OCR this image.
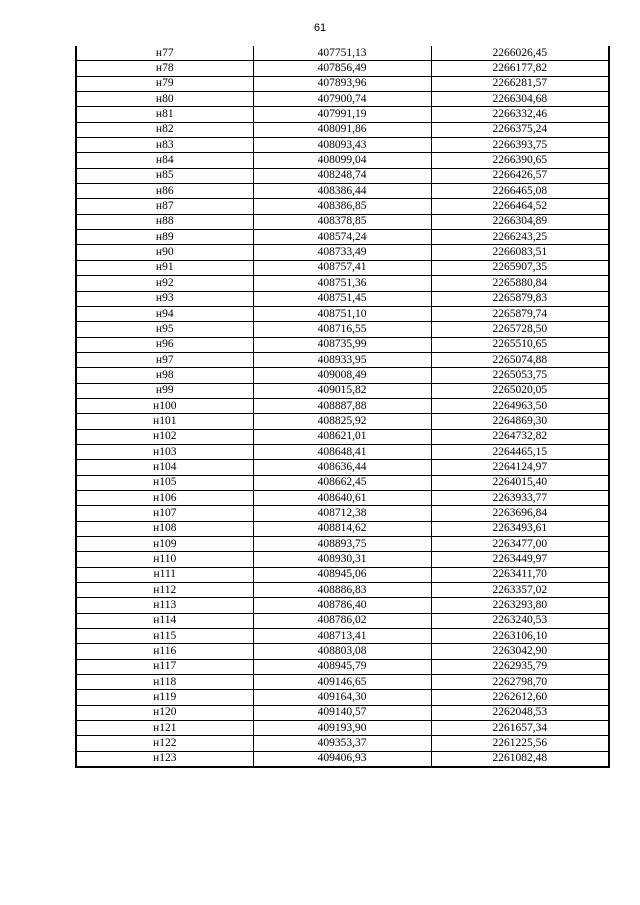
61
н77	407751,13	2266026,45
н78	407856,49	2266177,82
н79	407893,96	2266281,57
н80	407900,74	2266304,68
н81	407991,19	2266332,46
н82	408091,86	2266375,24
н83	408093,43	2266393,75
н84	408099,04	2266390,65
н85	408248,74	2266426,57
н86	408386,44	2266465,08
н87	408386,85	2266464,52
н88	408378,85	2266304,89
н89	408574,24	2266243,25
н90	408733,49	2266083,51
н91	408757,41	2265907,35
н92	408751,36	2265880,84
н93	408751,45	2265879,83
н94	408751,10	2265879,74
н95	408716,55	2265728,50
н96	408735,99	2265510,65
н97	408933,95	2265074,88
н98	409008,49	2265053,75
н99	409015,82	2265020,05
н100	408887,88	2264963,50
н101	408825,92	2264869,30
н102	408621,01	2264732,82
н103	408648,41	2264465,15
н104	408636,44	2264124,97
н105	408662,45	2264015,40
н106	408640,61	2263933,77
н107	408712,38	2263696,84
н108	408814,62	2263493,61
н109	408893,75	2263477,00
н110	408930,31	2263449,97
н111	408945,06	2263411,70
н112	408886,83	2263357,02
н113	408786,40	2263293,80
н114	408786,02	2263240,53
н115	408713,41	2263106,10
н116	408803,08	2263042,90
н117	408945,79	2262935,79
н118	409146,65	2262798,70
н119	409164,30	2262612,60
н120	409140,57	2262048,53
н121	409193,90	2261657,34
н122	409353,37	2261225,56
н123	409406,93	2261082,48
